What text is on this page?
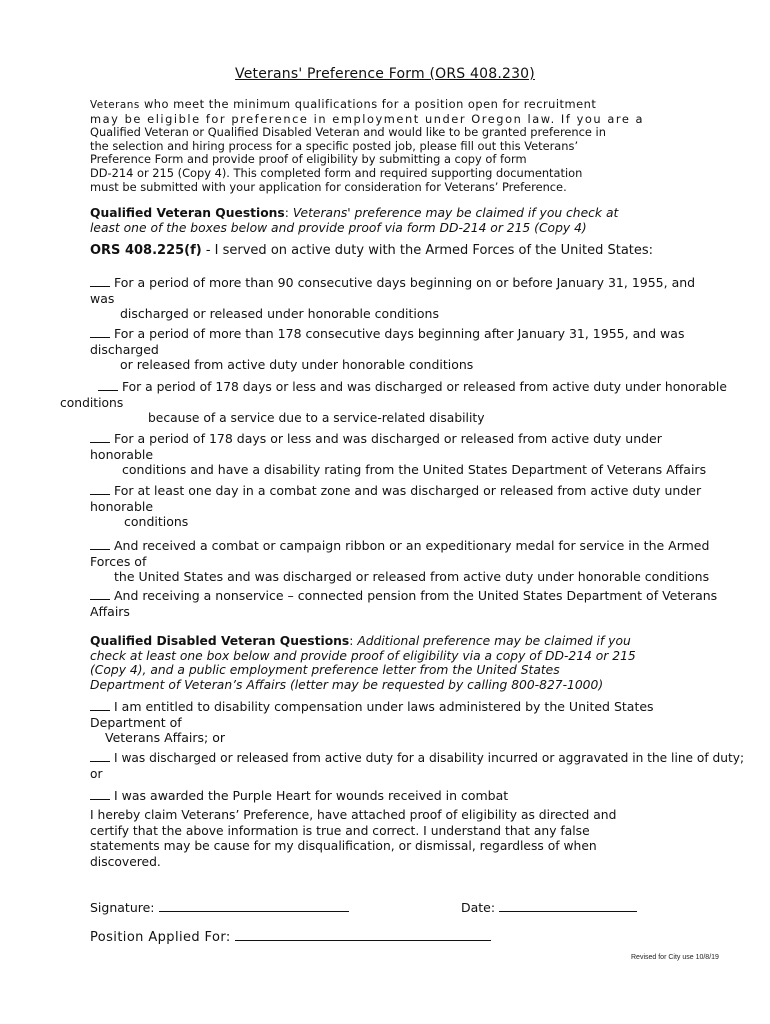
Veterans' Preference Form (ORS 408.230)
Veterans who meet the minimum qualifications for a position open for recruitment
may be eligible for preference in employment under Oregon law. If you are a
Qualified Veteran or Qualified Disabled Veteran and would like to be granted preference in
the selection and hiring process for a specific posted job, please fill out this Veterans’
Preference Form and provide proof of eligibility by submitting a copy of form
DD-214 or 215 (Copy 4). This completed form and required supporting documentation
must be submitted with your application for consideration for Veterans’ Preference.
Qualified Veteran Questions: Veterans' preference may be claimed if you check at
least one of the boxes below and provide proof via form DD-214 or 215 (Copy 4)
ORS 408.225(f) - I served on active duty with the Armed Forces of the United States:
For a period of more than 90 consecutive days beginning on or before January 31, 1955, and
was
discharged or released under honorable conditions
For a period of more than 178 consecutive days beginning after January 31, 1955, and was
discharged
or released from active duty under honorable conditions
For a period of 178 days or less and was discharged or released from active duty under honorable
conditions
because of a service due to a service-related disability
For a period of 178 days or less and was discharged or released from active duty under
honorable
conditions and have a disability rating from the United States Department of Veterans Affairs
For at least one day in a combat zone and was discharged or released from active duty under
honorable
conditions
And received a combat or campaign ribbon or an expeditionary medal for service in the Armed
Forces of
the United States and was discharged or released from active duty under honorable conditions
And receiving a nonservice – connected pension from the United States Department of Veterans
Affairs
Qualified Disabled Veteran Questions: Additional preference may be claimed if you
check at least one box below and provide proof of eligibility via a copy of DD-214 or 215
(Copy 4), and a public employment preference letter from the United States
Department of Veteran’s Affairs (letter may be requested by calling 800-827-1000)
I am entitled to disability compensation under laws administered by the United States
Department of
Veterans Affairs; or
I was discharged or released from active duty for a disability incurred or aggravated in the line of duty;
or
I was awarded the Purple Heart for wounds received in combat
I hereby claim Veterans’ Preference, have attached proof of eligibility as directed and
certify that the above information is true and correct. I understand that any false
statements may be cause for my disqualification, or dismissal, regardless of when
discovered.
Signature:	Date:
Position Applied For:
Revised for City use 10/8/19
